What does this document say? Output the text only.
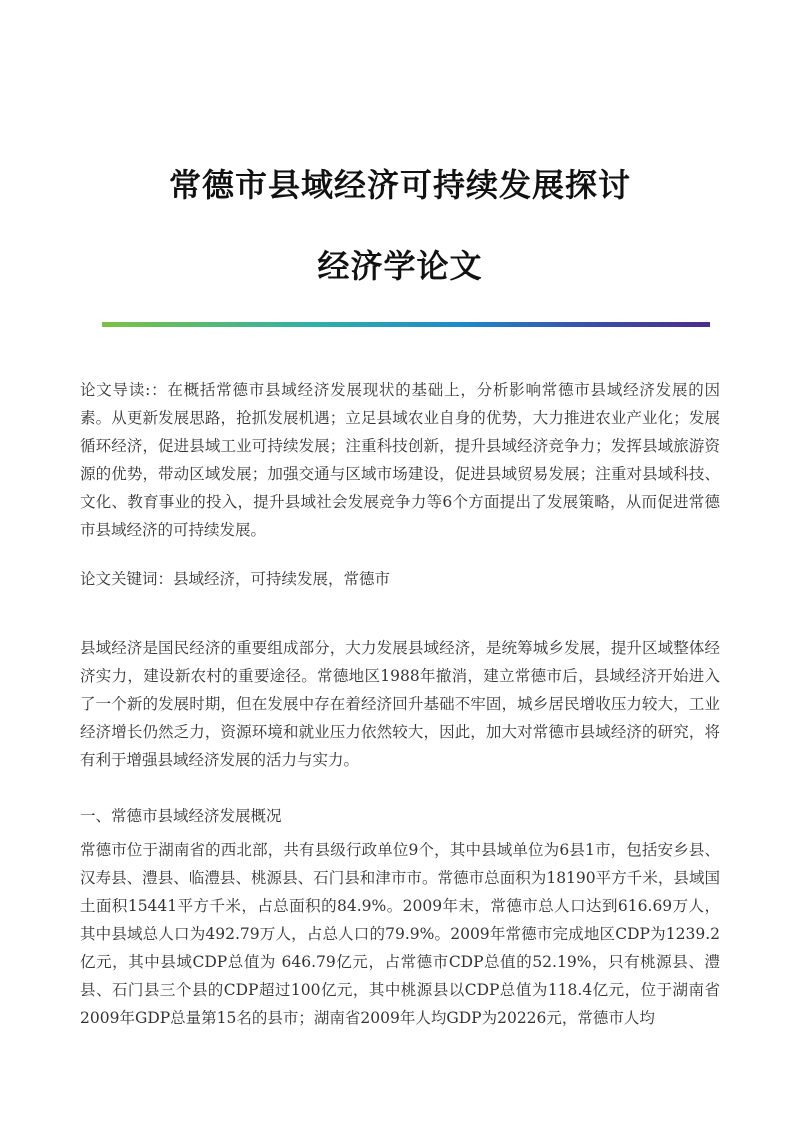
常德市县域经济可持续发展探讨
经济学论文

论文导读:：在概括常德市县域经济发展现状的基础上，分析影响常德市县域经济发展的因素。从更新发展思路，抢抓发展机遇；立足县域农业自身的优势，大力推进农业产业化；发展循环经济，促进县域工业可持续发展；注重科技创新，提升县域经济竞争力；发挥县域旅游资源的优势，带动区域发展；加强交通与区域市场建设，促进县域贸易发展；注重对县域科技、文化、教育事业的投入，提升县域社会发展竞争力等6个方面提出了发展策略，从而促进常德市县域经济的可持续发展。

论文关键词：县域经济，可持续发展，常德市

县域经济是国民经济的重要组成部分，大力发展县域经济，是统筹城乡发展，提升区域整体经济实力，建设新农村的重要途径。常德地区1988年撤消，建立常德市后，县域经济开始进入了一个新的发展时期，但在发展中存在着经济回升基础不牢固，城乡居民增收压力较大，工业经济增长仍然乏力，资源环境和就业压力依然较大，因此，加大对常德市县域经济的研究，将有利于增强县域经济发展的活力与实力。

一、常德市县域经济发展概况

常德市位于湖南省的西北部，共有县级行政单位9个，其中县域单位为6县1市，包括安乡县、汉寿县、澧县、临澧县、桃源县、石门县和津市市。常德市总面积为18190平方千米，县域国土面积15441平方千米，占总面积的84.9%。2009年末，常德市总人口达到616.69万人，其中县域总人口为492.79万人，占总人口的79.9%。2009年常德市完成地区CDP为1239.2亿元，其中县域CDP总值为 646.79亿元，占常德市CDP总值的52.19%，只有桃源县、澧县、石门县三个县的CDP超过100亿元，其中桃源县以CDP总值为118.4亿元，位于湖南省2009年GDP总量第15名的县市；湖南省2009年人均GDP为20226元，常德市人均
